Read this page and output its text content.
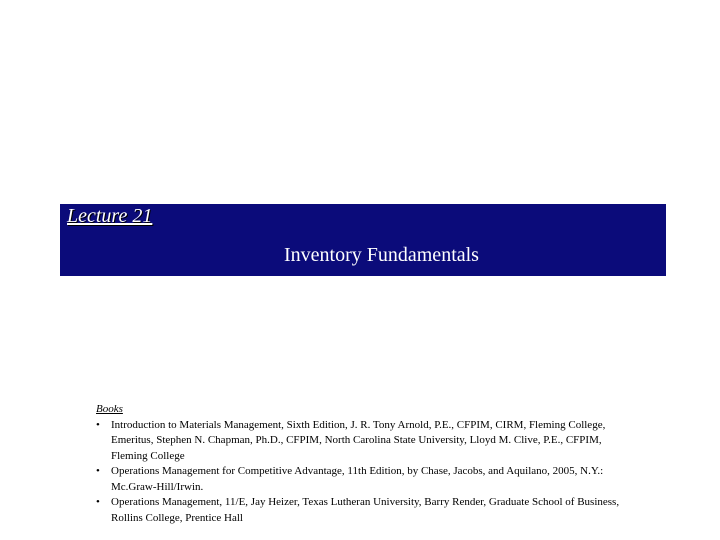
Lecture 21
Inventory Fundamentals
Books
• Introduction to Materials Management, Sixth Edition, J. R. Tony Arnold, P.E., CFPIM, CIRM, Fleming College, Emeritus, Stephen N. Chapman, Ph.D., CFPIM, North Carolina State University, Lloyd M. Clive, P.E., CFPIM, Fleming College
• Operations Management for Competitive Advantage, 11th Edition, by Chase, Jacobs, and Aquilano, 2005, N.Y.: Mc.Graw-Hill/Irwin.
• Operations Management, 11/E, Jay Heizer, Texas Lutheran University, Barry Render, Graduate School of Business, Rollins College, Prentice Hall
